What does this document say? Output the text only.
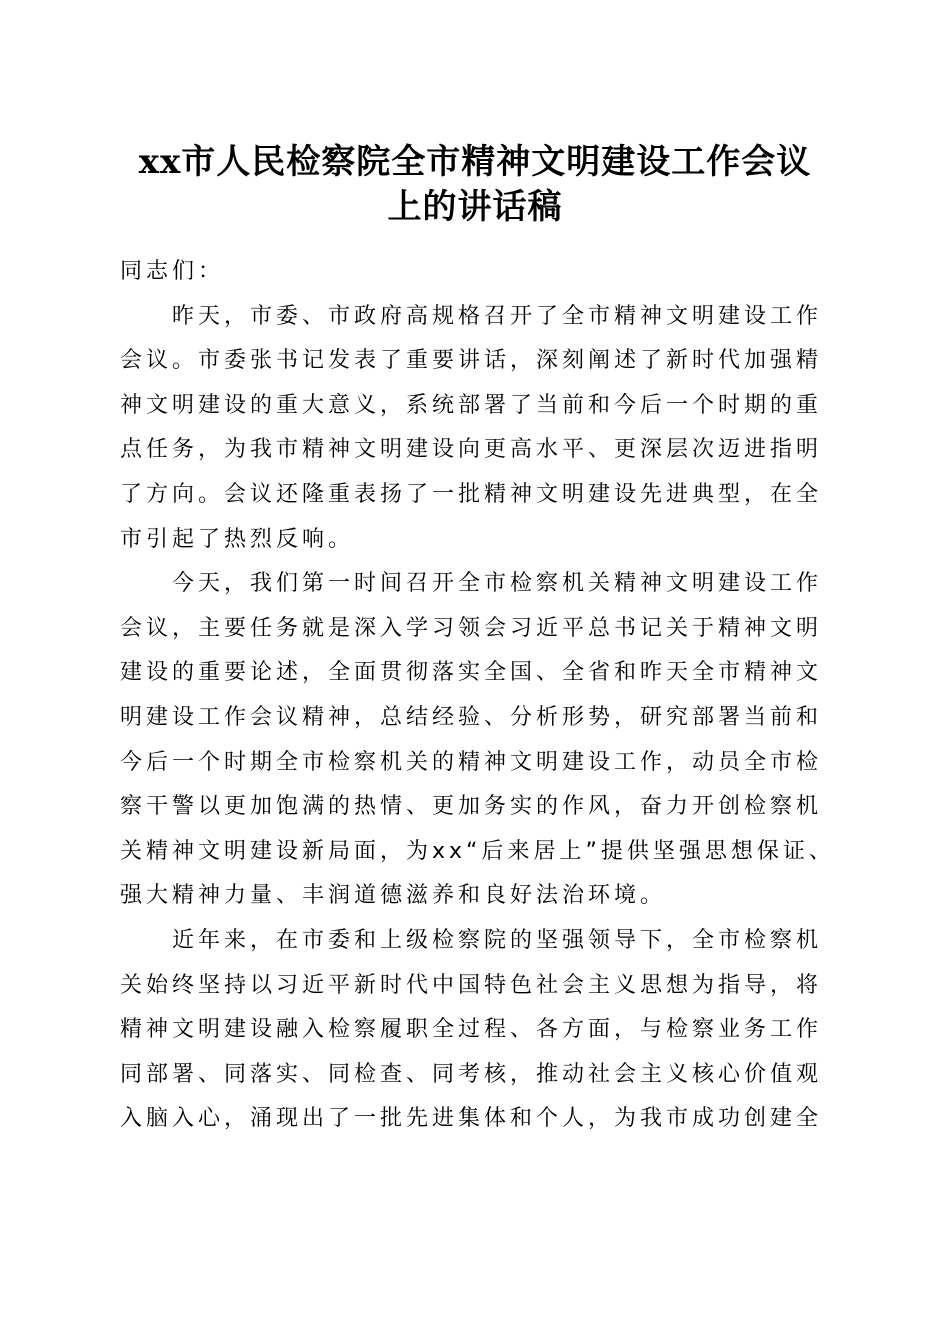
xx市人民检察院全市精神文明建设工作会议
上的讲话稿
同志们：
昨天，市委、市政府高规格召开了全市精神文明建设工作
会议。市委张书记发表了重要讲话，深刻阐述了新时代加强精
神文明建设的重大意义，系统部署了当前和今后一个时期的重
点任务，为我市精神文明建设向更高水平、更深层次迈进指明
了方向。会议还隆重表扬了一批精神文明建设先进典型，在全
市引起了热烈反响。
今天，我们第一时间召开全市检察机关精神文明建设工作
会议，主要任务就是深入学习领会习近平总书记关于精神文明
建设的重要论述，全面贯彻落实全国、全省和昨天全市精神文
明建设工作会议精神，总结经验、分析形势，研究部署当前和
今后一个时期全市检察机关的精神文明建设工作，动员全市检
察干警以更加饱满的热情、更加务实的作风，奋力开创检察机
关精神文明建设新局面，为xx“后来居上”提供坚强思想保证、
强大精神力量、丰润道德滋养和良好法治环境。
近年来，在市委和上级检察院的坚强领导下，全市检察机
关始终坚持以习近平新时代中国特色社会主义思想为指导，将
精神文明建设融入检察履职全过程、各方面，与检察业务工作
同部署、同落实、同检查、同考核，推动社会主义核心价值观
入脑入心，涌现出了一批先进集体和个人，为我市成功创建全
